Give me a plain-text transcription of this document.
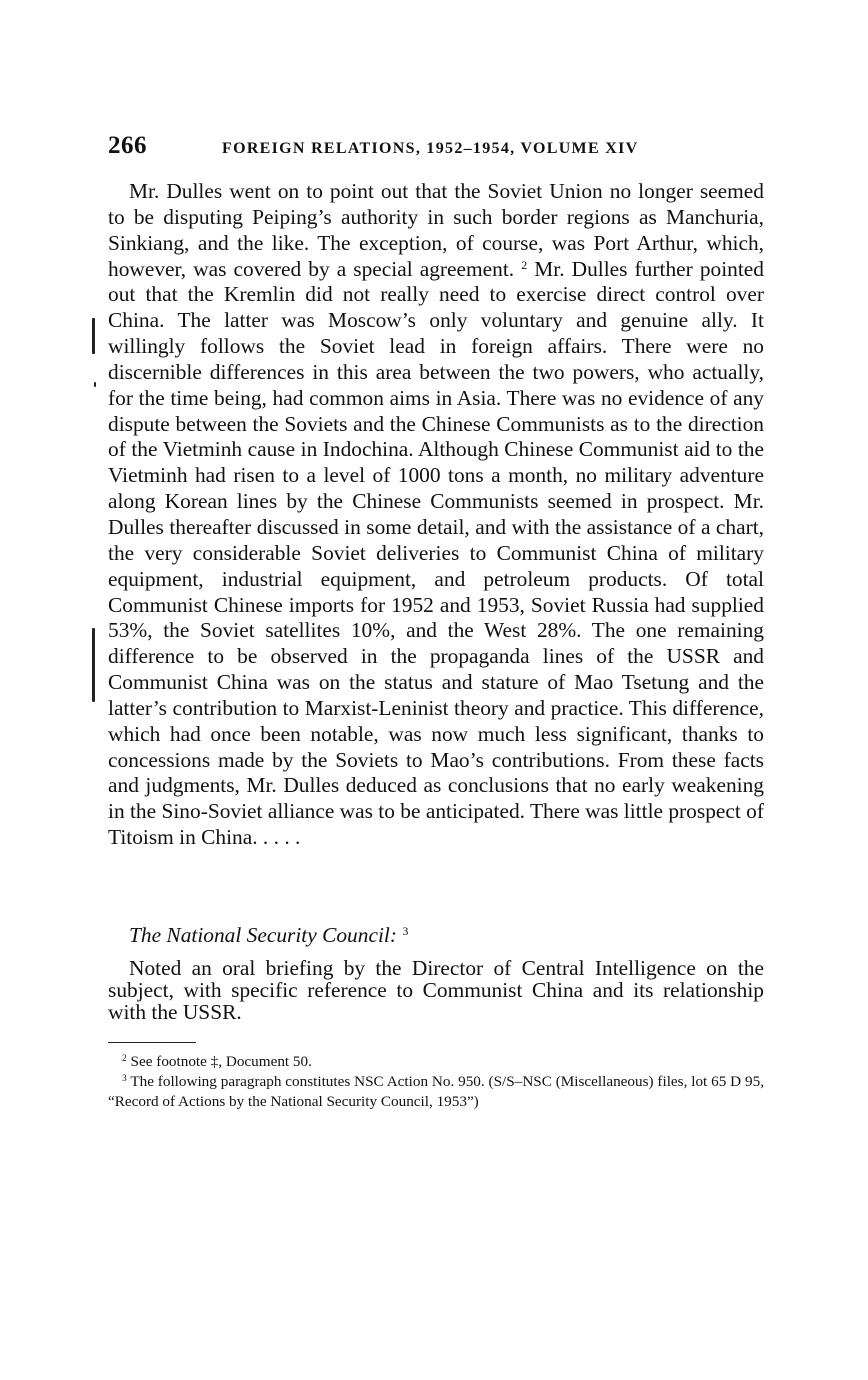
266	FOREIGN RELATIONS, 1952–1954, VOLUME XIV
Mr. Dulles went on to point out that the Soviet Union no longer seemed to be disputing Peiping’s authority in such border regions as Manchuria, Sinkiang, and the like. The exception, of course, was Port Arthur, which, however, was covered by a special agreement. $^2$ Mr. Dulles further pointed out that the Kremlin did not really need to exercise direct control over China. The latter was Moscow’s only voluntary and genuine ally. It willingly follows the Soviet lead in foreign affairs. There were no discernible differences in this area between the two powers, who actually, for the time being, had common aims in Asia. There was no evidence of any dispute between the Soviets and the Chinese Communists as to the direction of the Vietminh cause in Indochina. Although Chinese Communist aid to the Vietminh had risen to a level of 1000 tons a month, no military adventure along Korean lines by the Chinese Communists seemed in prospect. Mr. Dulles thereafter discussed in some detail, and with the assistance of a chart, the very considerable Soviet deliveries to Communist China of military equipment, industrial equipment, and petroleum products. Of total Communist Chinese imports for 1952 and 1953, Soviet Russia had supplied 53%, the Soviet satellites 10%, and the West 28%. The one remaining difference to be observed in the propaganda lines of the USSR and Communist China was on the status and stature of Mao Tsetung and the latter’s contribution to Marxist-Leninist theory and practice. This difference, which had once been notable, was now much less significant, thanks to concessions made by the Soviets to Mao’s contributions. From these facts and judgments, Mr. Dulles deduced as conclusions that no early weakening in the Sino-Soviet alliance was to be anticipated. There was little prospect of Titoism in China. . . . .
The National Security Council: $^3$
Noted an oral briefing by the Director of Central Intelligence on the subject, with specific reference to Communist China and its relationship with the USSR.

$^2$ See footnote ‡, Document 50.

$^3$ The following paragraph constitutes NSC Action No. 950. (S/S–NSC (Miscellaneous) files, lot 65 D 95, “Record of Actions by the National Security Council, 1953”)
